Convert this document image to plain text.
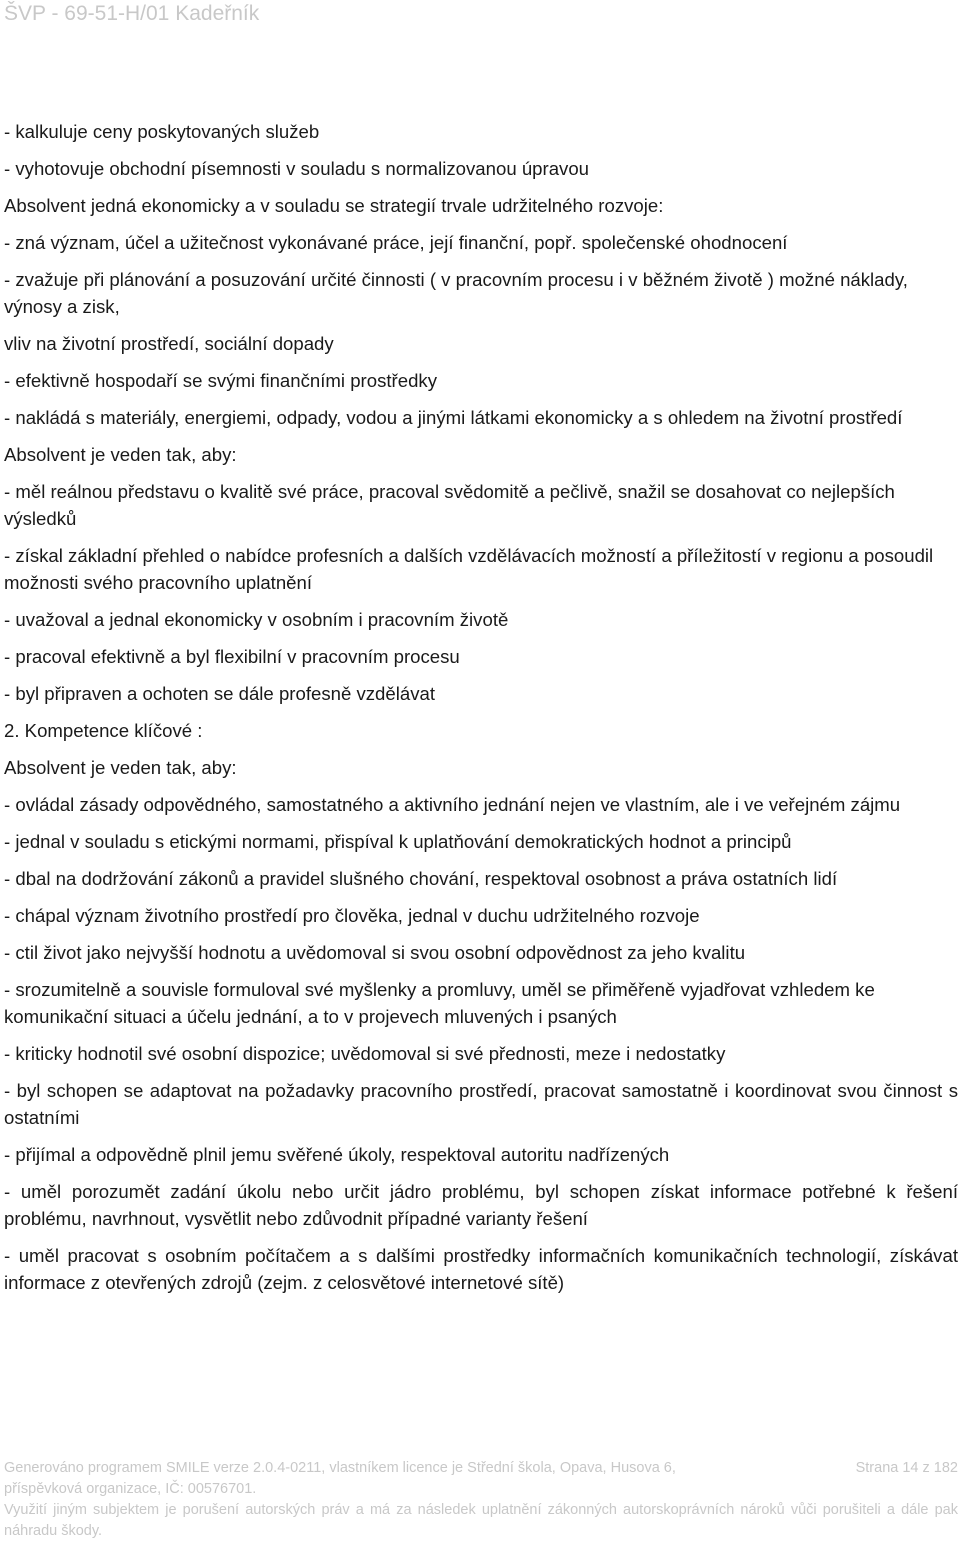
ŠVP - 69-51-H/01 Kadeřník

- kalkuluje ceny poskytovaných služeb

- vyhotovuje obchodní písemnosti v souladu s normalizovanou úpravou

Absolvent jedná ekonomicky a v souladu se strategií trvale udržitelného rozvoje:

- zná význam, účel a užitečnost vykonávané práce, její finanční, popř. společenské ohodnocení

- zvažuje při plánování a posuzování určité činnosti ( v pracovním procesu i v běžném životě ) možné náklady, výnosy a zisk,

vliv na životní prostředí, sociální dopady

- efektivně hospodaří se svými finančními prostředky

- nakládá s materiály, energiemi, odpady, vodou a jinými látkami ekonomicky a s ohledem na životní prostředí

Absolvent je veden tak, aby:

- měl reálnou představu o kvalitě své práce, pracoval svědomitě a pečlivě, snažil se dosahovat co nejlepších výsledků

- získal základní přehled o nabídce profesních a dalších vzdělávacích možností a příležitostí v regionu a posoudil možnosti svého pracovního uplatnění

- uvažoval a jednal ekonomicky v osobním i pracovním životě

- pracoval efektivně a byl flexibilní v pracovním procesu

- byl připraven a ochoten se dále profesně vzdělávat

2. Kompetence klíčové :

Absolvent je veden tak, aby:

- ovládal zásady odpovědného, samostatného a aktivního jednání nejen ve vlastním, ale i ve veřejném zájmu

- jednal v souladu s etickými normami, přispíval k uplatňování demokratických hodnot a principů

- dbal na dodržování zákonů a pravidel slušného chování, respektoval osobnost a práva ostatních lidí

- chápal význam životního prostředí pro člověka, jednal v duchu udržitelného rozvoje

- ctil život jako nejvyšší hodnotu a uvědomoval si svou osobní odpovědnost za jeho kvalitu

- srozumitelně a souvisle formuloval své myšlenky a promluvy, uměl se přiměřeně vyjadřovat vzhledem ke komunikační situaci a účelu jednání, a to v projevech mluvených i psaných

- kriticky hodnotil své osobní dispozice; uvědomoval si své přednosti, meze i nedostatky

- byl schopen se adaptovat na požadavky pracovního prostředí, pracovat samostatně i koordinovat svou činnost s ostatními

- přijímal a odpovědně plnil jemu svěřené úkoly, respektoval autoritu nadřízených

- uměl porozumět zadání úkolu nebo určit jádro problému, byl schopen získat informace potřebné k řešení problému, navrhnout, vysvětlit nebo zdůvodnit případné varianty řešení

- uměl pracovat s osobním počítačem a s dalšími prostředky informačních komunikačních technologií, získávat informace z otevřených zdrojů (zejm. z celosvětové internetové sítě)

Generováno programem SMILE verze 2.0.4-0211, vlastníkem licence je Střední škola, Opava, Husova 6,	Strana 14 z 182
příspěvková organizace, IČ: 00576701.
Využití jiným subjektem je porušení autorských práv a má za následek uplatnění zákonných autorskoprávních nároků vůči porušiteli a dále pak náhradu škody.
